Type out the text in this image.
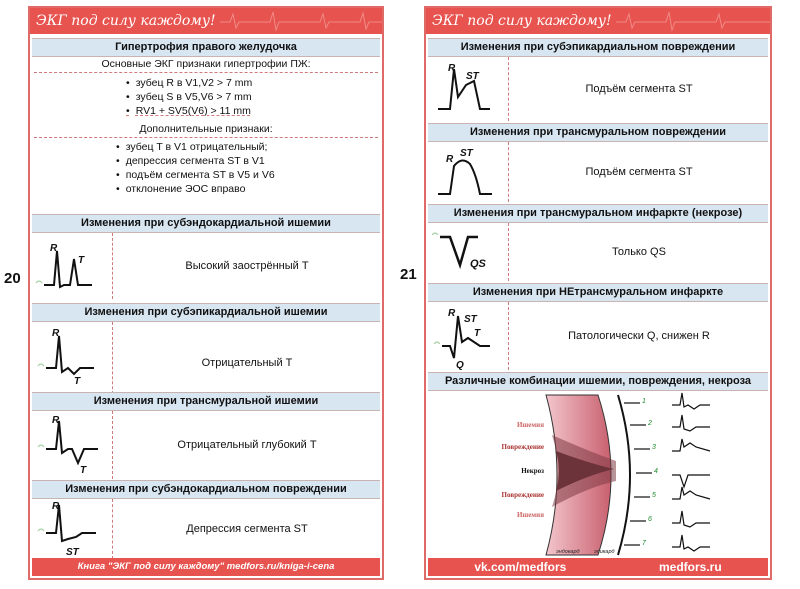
20
ЭКГ под силу каждому!
Гипертрофия правого желудочка
Основные ЭКГ признаки гипертрофии ПЖ:
• зубец R в V1,V2 > 7 mm
• зубец S в V5,V6 > 7 mm
• RV1 + SV5(V6) > 11 mm
Дополнительные признаки:
• зубец T в V1 отрицательный;
• депрессия сегмента ST в V1
• подъём сегмента ST в V5 и V6
• отклонение ЭОС вправо
Изменения при субэндокардиальной ишемии
R
T	Высокий заострённый T
Изменения при субэпикардиальной ишемии
R
T
Отрицательный T
Изменения при трансмуральной ишемии
R
T
Отрицательный глубокий T
Изменения при субэндокардиальном повреждении
R
ST
Депрессия сегмента ST
Книга "ЭКГ под силу каждому" medfors.ru/kniga-i-cena
21
ЭКГ под силу каждому!
Изменения при субэпикардиальном повреждении
R
ST
Подъём сегмента ST
Изменения при трансмуральном повреждении
R
ST
Подъём сегмента ST
Изменения при трансмуральном инфаркте (некрозе)
QS
Только QS
Изменения при НЕтрансмуральном инфаркте
R
ST
T
Q
Патологически Q, снижен R
Различные комбинации ишемии, повреждения, некроза
1
2
3
4
5
6
7
Ишемия
Повреждение
Некроз
Повреждение
Ишемия
эндокард	эпикард
vk.com/medfors	medfors.ru
